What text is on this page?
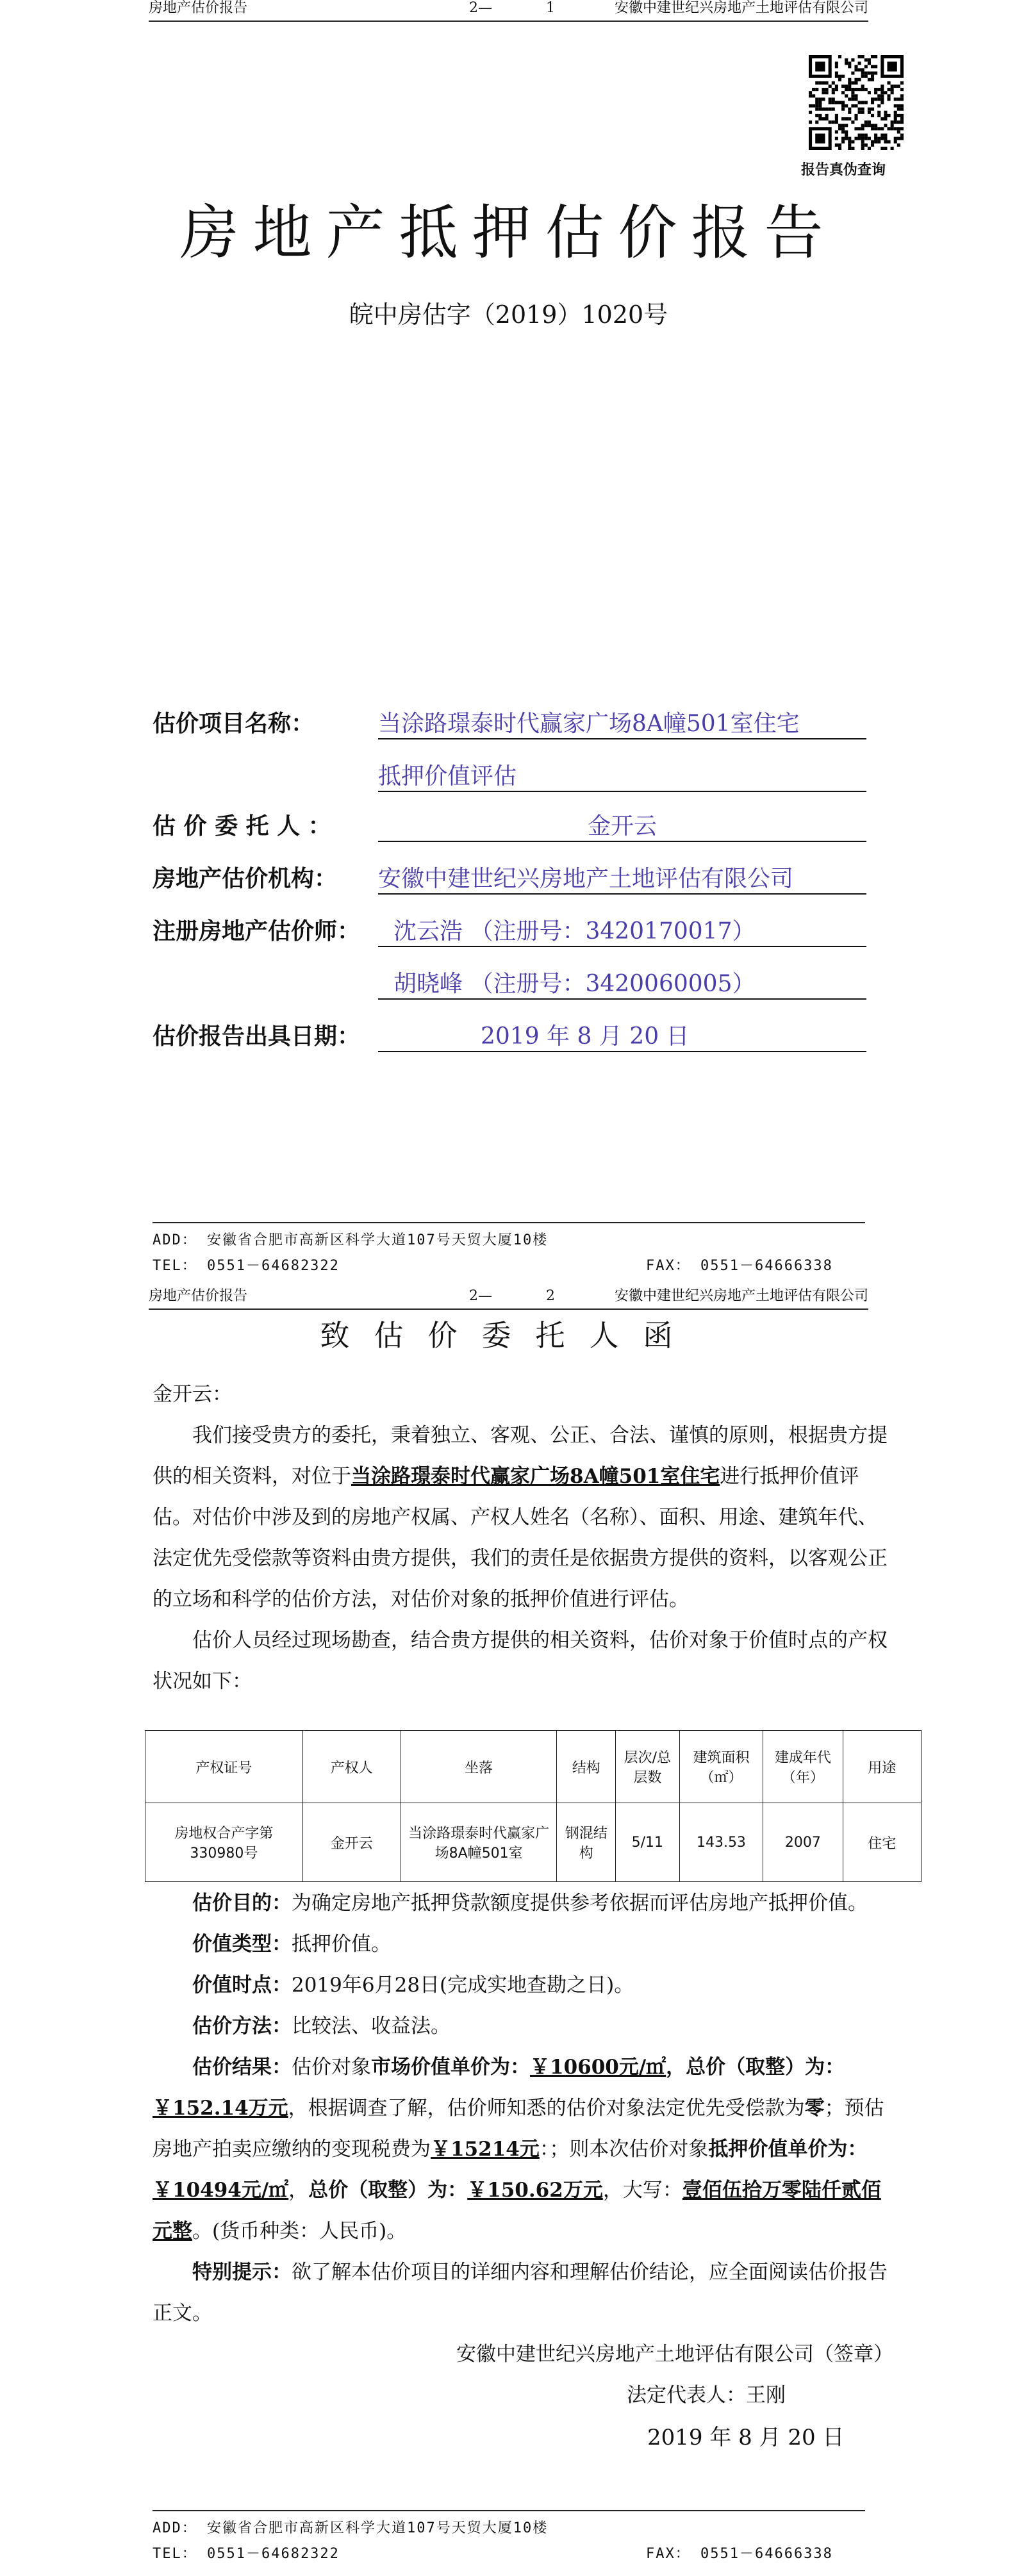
房地产估价报告	2—	1	安徽中建世纪兴房地产土地评估有限公司
报告真伪查询
房地产抵押估价报告
皖中房估字（2019）1020号
估价项目名称：	当涂路璟泰时代赢家广场8A幢501室住宅
抵押价值评估
估 价 委 托 人 ：	金开云
房地产估价机构： 安徽中建世纪兴房地产土地评估有限公司
注册房地产估价师：	沈云浩 （注册号：3420170017）
胡晓峰 （注册号：3420060005）
估价报告出具日期：	2019 年 8 月 20 日
ADD： 安徽省合肥市高新区科学大道107号天贸大厦10楼
TEL： 0551－64682322	FAX： 0551－64666338
房地产估价报告	2—	2	安徽中建世纪兴房地产土地评估有限公司
致估价委托人函
金开云：

我们接受贵方的委托，秉着独立、客观、公正、合法、谨慎的原则，根据贵方提供的相关资料，对位于当涂路璟泰时代赢家广场8A幢501室住宅进行抵押价值评估。对估价中涉及到的房地产权属、产权人姓名（名称）、面积、用途、建筑年代、法定优先受偿款等资料由贵方提供，我们的责任是依据贵方提供的资料，以客观公正的立场和科学的估价方法，对估价对象的抵押价值进行评估。

估价人员经过现场勘查，结合贵方提供的相关资料，估价对象于价值时点的产权状况如下：

产权证号	产权人	坐落	结构	层次/总层数	建筑面积（㎡）	建成年代（年）	用途
房地权合产字第330980号	金开云	当涂路璟泰时代赢家广场8A幢501室	钢混结构	5/11	143.53	2007	住宅

估价目的：为确定房地产抵押贷款额度提供参考依据而评估房地产抵押价值。

价值类型：抵押价值。

价值时点：2019年6月28日(完成实地查勘之日)。

估价方法：比较法、收益法。

估价结果：估价对象市场价值单价为：￥10600元/㎡，总价（取整）为：￥152.14万元，根据调查了解，估价师知悉的估价对象法定优先受偿款为零；预估房地产拍卖应缴纳的变现税费为￥15214元：；则本次估价对象抵押价值单价为：￥10494元/㎡，总价（取整）为：￥150.62万元，大写：壹佰伍拾万零陆仟贰佰元整。(货币种类：人民币)。

特别提示：欲了解本估价项目的详细内容和理解估价结论，应全面阅读估价报告正文。

安徽中建世纪兴房地产土地评估有限公司（签章）
法定代表人：王刚
2019 年 8 月 20 日
ADD： 安徽省合肥市高新区科学大道107号天贸大厦10楼
TEL： 0551－64682322	FAX： 0551－64666338
